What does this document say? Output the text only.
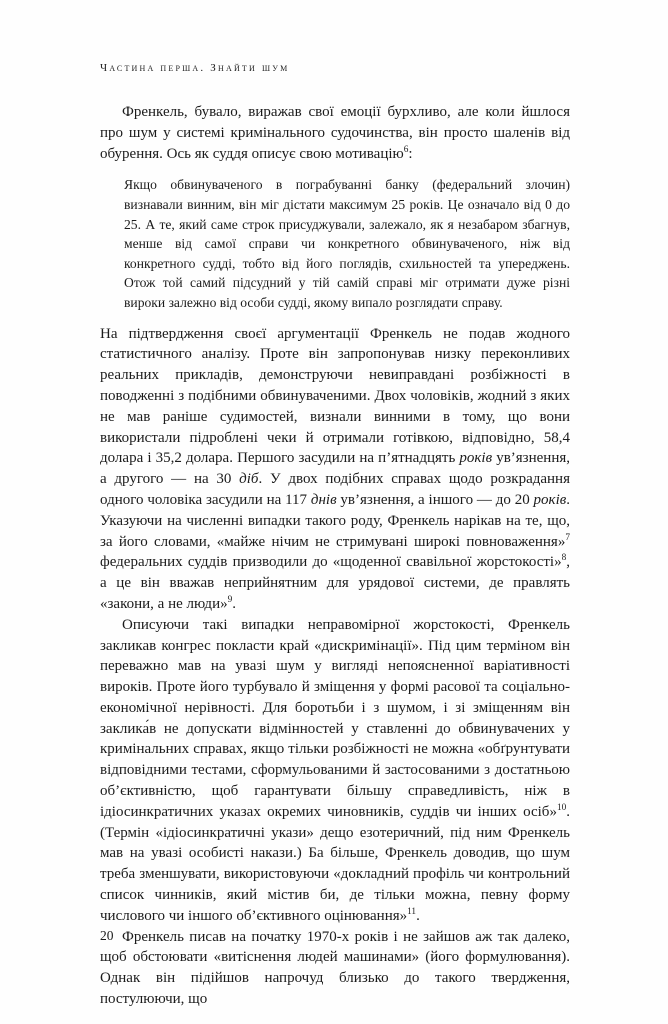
Частина перша. Знайти шум

Френкель, бувало, виражав свої емоції бурхливо, але коли йшлося про шум у системі кримінального судочинства, він просто шаленів від обурення. Ось як суддя описує свою мотивацію$^6$:

Якщо обвинуваченого в пограбуванні банку (федеральний злочин) визнавали винним, він міг дістати максимум 25 років. Це означало від 0 до 25. А те, який саме строк присуджували, залежало, як я незабаром збагнув, менше від самої справи чи конкретного обвинуваченого, ніж від конкретного судді, тобто від його поглядів, схильностей та упереджень. Отож той самий підсудний у тій самій справі міг отримати дуже різні вироки залежно від особи судді, якому випало розглядати справу.

На підтвердження своєї аргументації Френкель не подав жодного статистичного аналізу. Проте він запропонував низку переконливих реальних прикладів, демонструючи невиправдані розбіжності в поводженні з подібними обвинуваченими. Двох чоловіків, жодний з яких не мав раніше судимостей, визнали винними в тому, що вони використали підроблені чеки й отримали готівкою, відповідно, 58,4 долара і 35,2 долара. Першого засудили на п’ятнадцять років ув’язнення, а другого — на 30 діб. У двох подібних справах щодо розкрадання одного чоловіка засудили на 117 днів ув’язнення, а іншого — до 20 років. Указуючи на численні випадки такого роду, Френкель нарікав на те, що, за його словами, «майже нічим не стримувані широкі повноваження»$^7$ федеральних суддів призводили до «щоденної свавільної жорстокості»$^8$, а це він вважав неприйнятним для урядової системи, де правлять «закони, а не люди»$^9$.

Описуючи такі випадки неправомірної жорстокості, Френкель закликав конгрес покласти край «дискримінації». Під цим терміном він переважно мав на увазі шум у вигляді непоясненної варіативності вироків. Проте його турбувало й зміщення у формі расової та соціально-економічної нерівності. Для боротьби і з шумом, і зі зміщенням він заклика́в не допускати відмінностей у ставленні до обвинувачених у кримінальних справах, якщо тільки розбіжності не можна «обґрунтувати відповідними тестами, сформульованими й застосованими з достатньою об’єктивністю, щоб гарантувати більшу справедливість, ніж в ідіосинкратичних указах окремих чиновників, суддів чи інших осіб»$^{10}$. (Термін «ідіосинкратичні укази» дещо езотеричний, під ним Френкель мав на увазі особисті накази.) Ба більше, Френкель доводив, що шум треба зменшувати, використовуючи «докладний профіль чи контрольний список чинників, який містив би, де тільки можна, певну форму числового чи іншого об’єктивного оцінювання»$^{11}$.

Френкель писав на початку 1970-х років і не зайшов аж так далеко, щоб обстоювати «витіснення людей машинами» (його формулювання). Однак він підійшов напрочуд близько до такого твердження, постулюючи, що

20
